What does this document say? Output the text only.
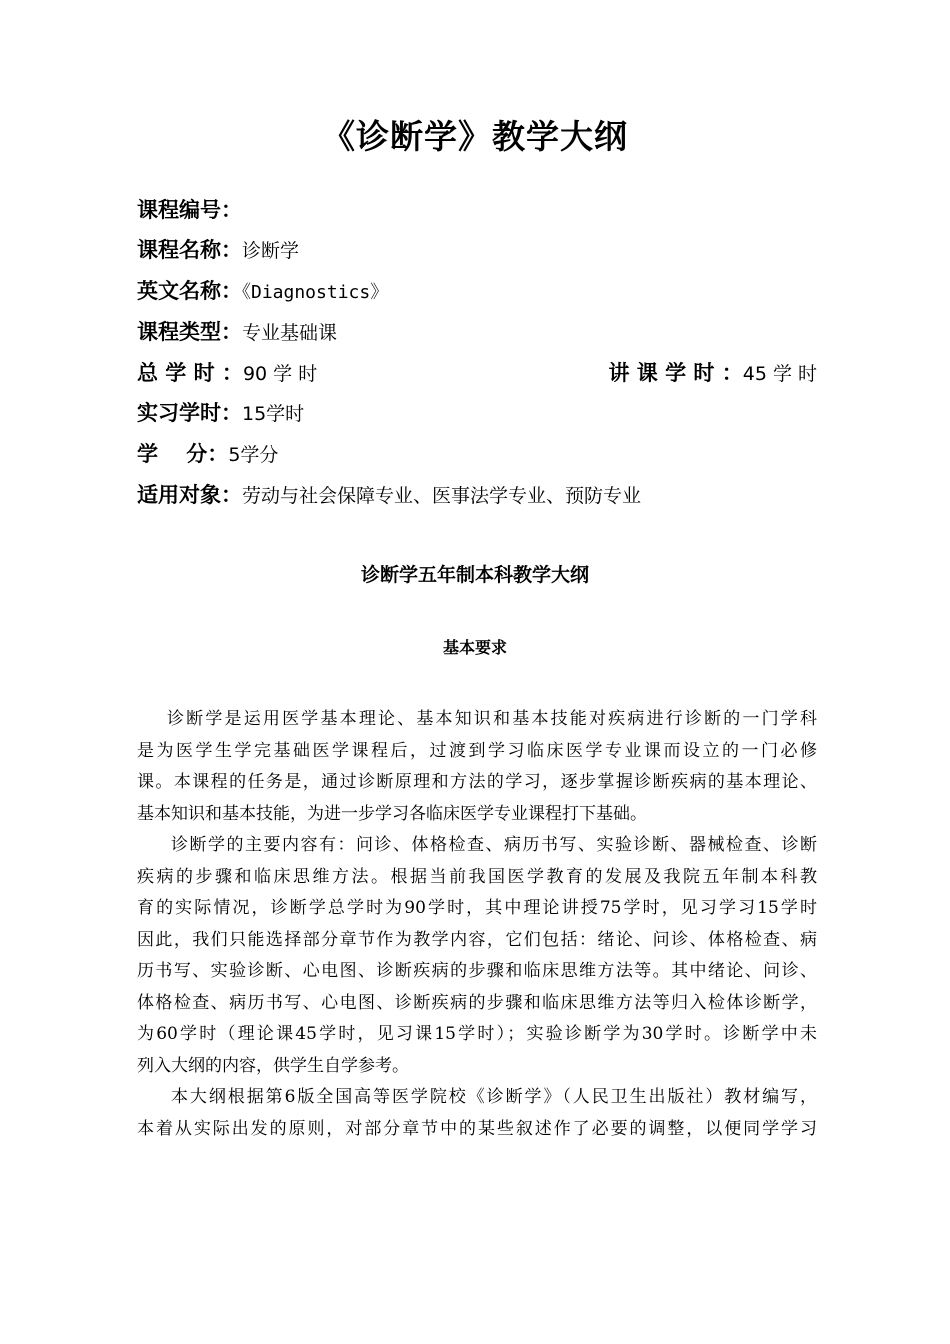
《诊断学》教学大纲
课程编号：
课程名称：诊断学
英文名称：《Diagnostics》
课程类型：专业基础课
总 学 时 ：90 学 时	讲 课 学 时 ：45 学 时
实习学时：15学时
学　 分：5学分
适用对象：劳动与社会保障专业、医事法学专业、预防专业
诊断学五年制本科教学大纲
基本要求
诊断学是运用医学基本理论、基本知识和基本技能对疾病进行诊断的一门学科
是为医学生学完基础医学课程后，过渡到学习临床医学专业课而设立的一门必修
课。本课程的任务是，通过诊断原理和方法的学习，逐步掌握诊断疾病的基本理论、
基本知识和基本技能，为进一步学习各临床医学专业课程打下基础。
诊断学的主要内容有：问诊、体格检查、病历书写、实验诊断、器械检查、诊断
疾病的步骤和临床思维方法。根据当前我国医学教育的发展及我院五年制本科教
育的实际情况，诊断学总学时为90学时，其中理论讲授75学时，见习学习15学时
因此，我们只能选择部分章节作为教学内容，它们包括：绪论、问诊、体格检查、病
历书写、实验诊断、心电图、诊断疾病的步骤和临床思维方法等。其中绪论、问诊、
体格检查、病历书写、心电图、诊断疾病的步骤和临床思维方法等归入检体诊断学，
为60学时（理论课45学时，见习课15学时）；实验诊断学为30学时。诊断学中未
列入大纲的内容，供学生自学参考。
本大纲根据第6版全国高等医学院校《诊断学》（人民卫生出版社）教材编写，
本着从实际出发的原则，对部分章节中的某些叙述作了必要的调整，以便同学学习
